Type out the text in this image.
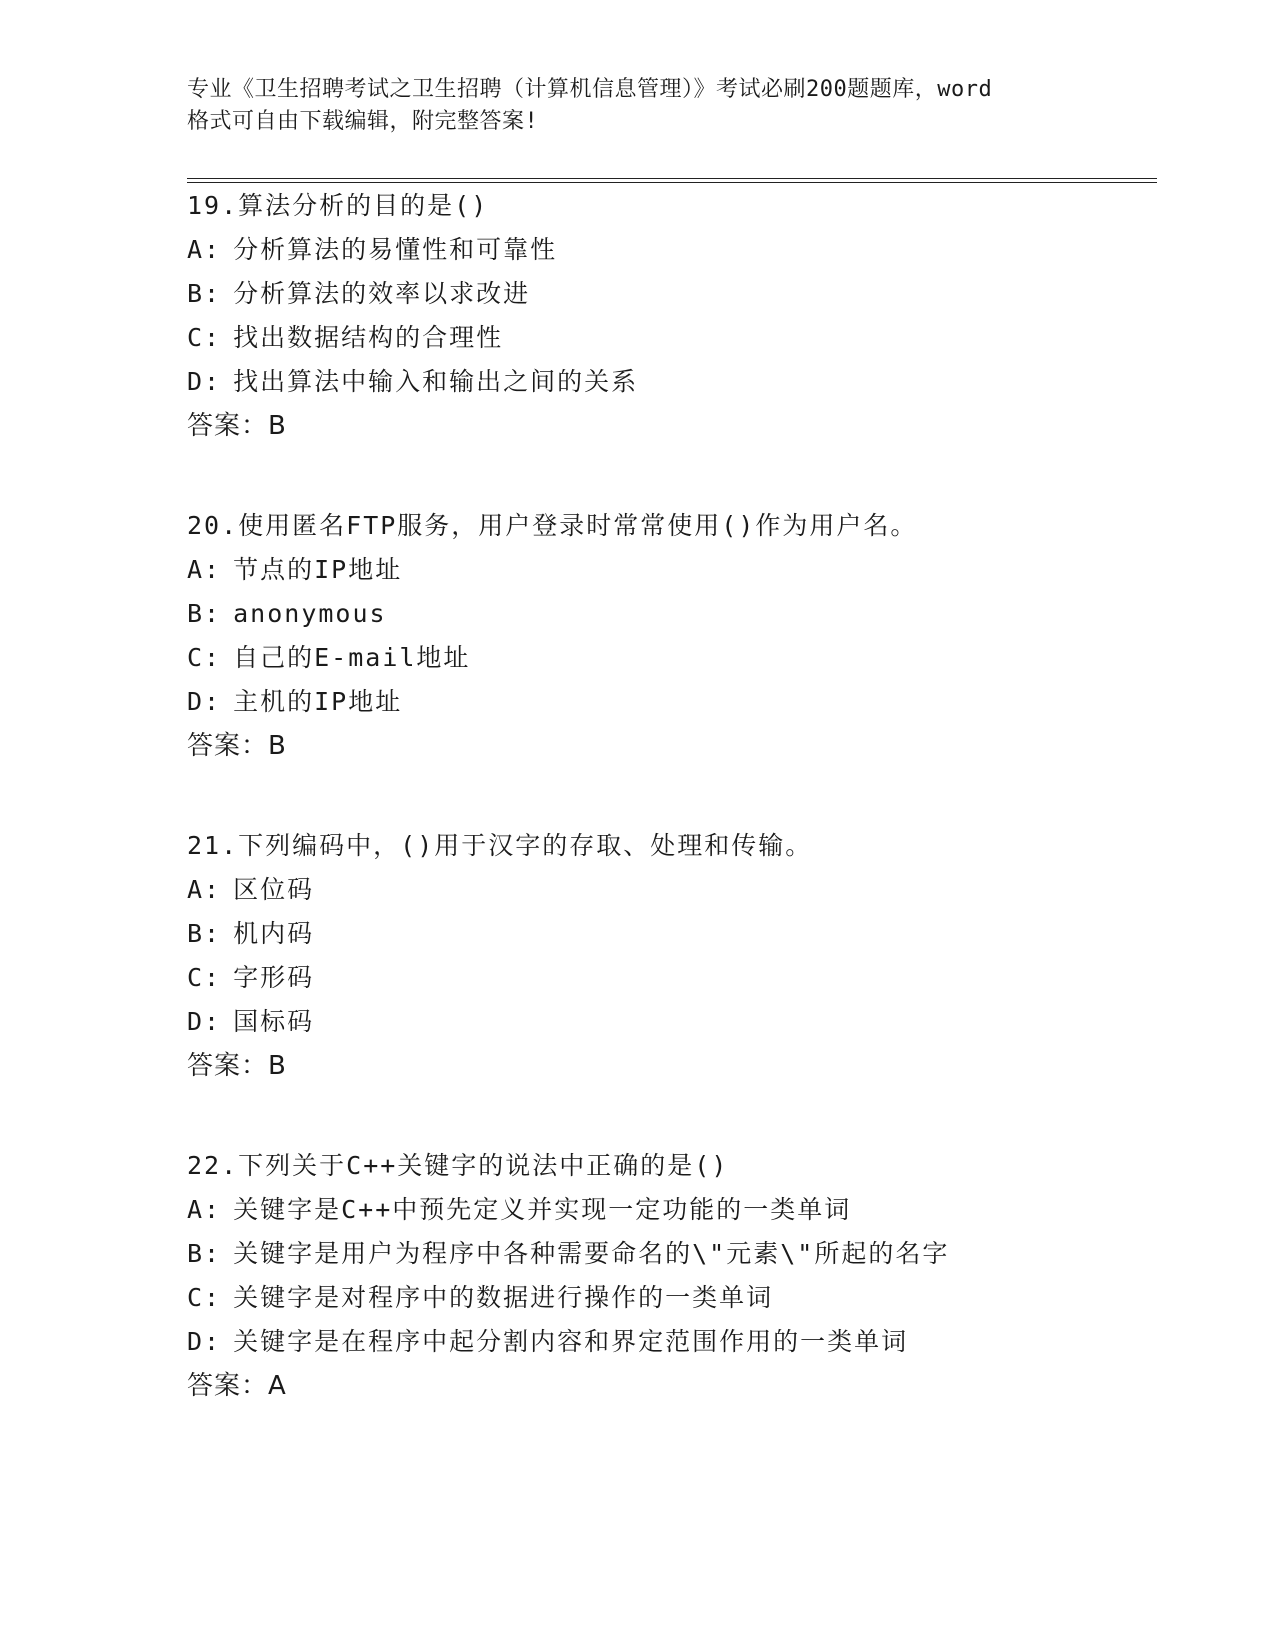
专业《卫生招聘考试之卫生招聘（计算机信息管理）》考试必刷200题题库，word
格式可自由下载编辑，附完整答案!
19.算法分析的目的是()
A: 分析算法的易懂性和可靠性
B: 分析算法的效率以求改进
C: 找出数据结构的合理性
D: 找出算法中输入和输出之间的关系
答案：B
20.使用匿名FTP服务，用户登录时常常使用()作为用户名。
A: 节点的IP地址
B: anonymous
C: 自己的E-mail地址
D: 主机的IP地址
答案：B
21.下列编码中，()用于汉字的存取、处理和传输。
A: 区位码
B: 机内码
C: 字形码
D: 国标码
答案：B
22.下列关于C++关键字的说法中正确的是()
A: 关键字是C++中预先定义并实现一定功能的一类单词
B: 关键字是用户为程序中各种需要命名的\"元素\"所起的名字
C: 关键字是对程序中的数据进行操作的一类单词
D: 关键字是在程序中起分割内容和界定范围作用的一类单词
答案：A
